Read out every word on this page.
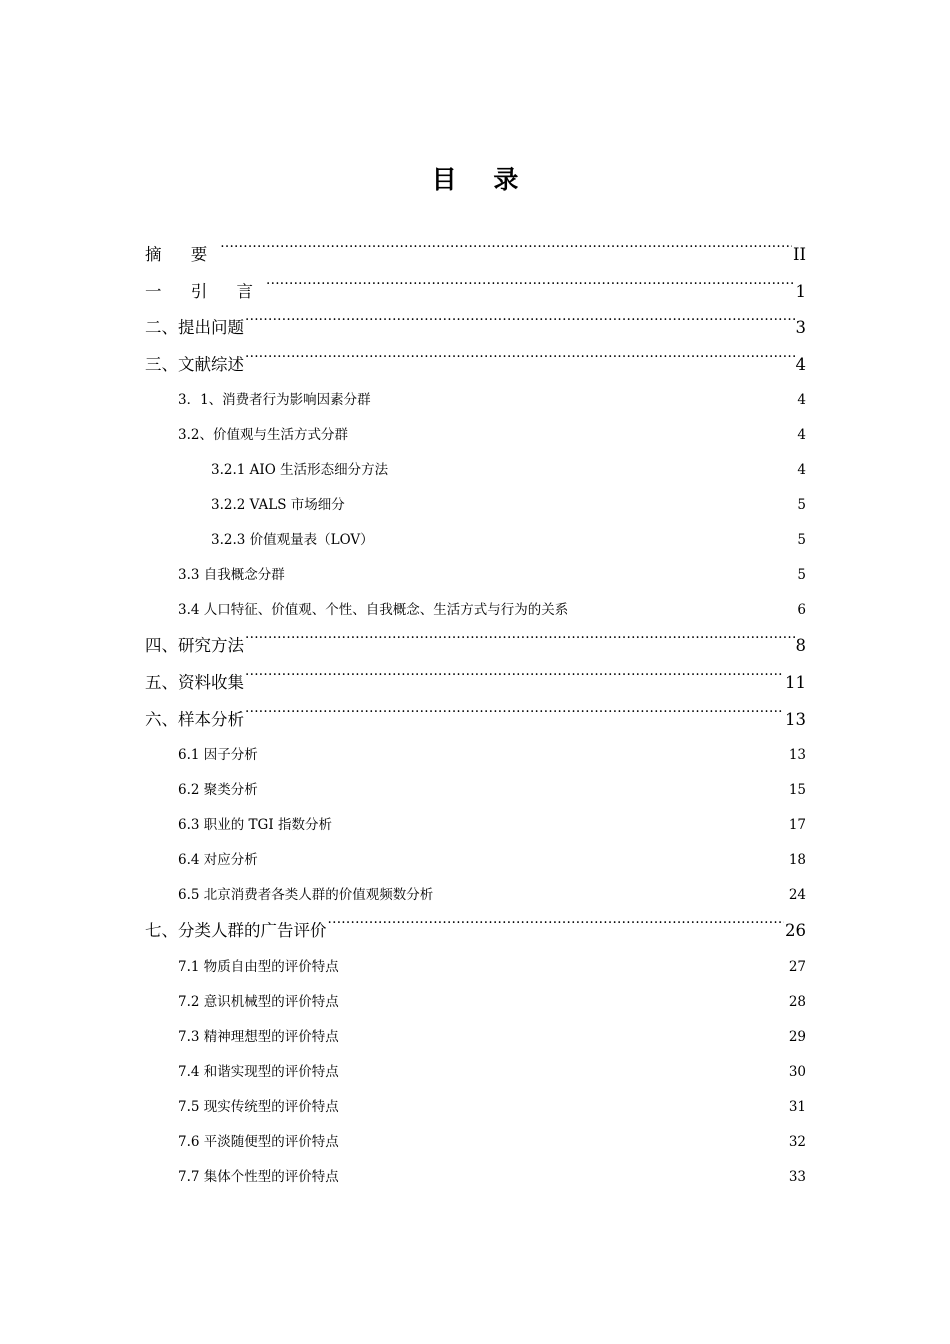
目 录
摘 要 .....	II
一 引 言 .....	1
二、提出问题 .....	3
三、文献综述 .....	4
3．1、消费者行为影响因素分群 .....	4
3.2、价值观与生活方式分群 .....	4
3.2.1 AIO 生活形态细分方法 .....	4
3.2.2 VALS 市场细分 .....	5
3.2.3 价值观量表（LOV） .....	5
3.3 自我概念分群 .....	5
3.4 人口特征、价值观、个性、自我概念、生活方式与行为的关系 .....	6
四、研究方法 .....	8
五、资料收集 .....	11
六、样本分析 .....	13
6.1 因子分析 .....	13
6.2 聚类分析 .....	15
6.3 职业的 TGI 指数分析 .....	17
6.4 对应分析 .....	18
6.5 北京消费者各类人群的价值观频数分析 .....	24
七、分类人群的广告评价 .....	26
7.1 物质自由型的评价特点 .....	27
7.2 意识机械型的评价特点 .....	28
7.3 精神理想型的评价特点 .....	29
7.4 和谐实现型的评价特点 .....	30
7.5 现实传统型的评价特点 .....	31
7.6 平淡随便型的评价特点 .....	32
7.7 集体个性型的评价特点 .....	33
